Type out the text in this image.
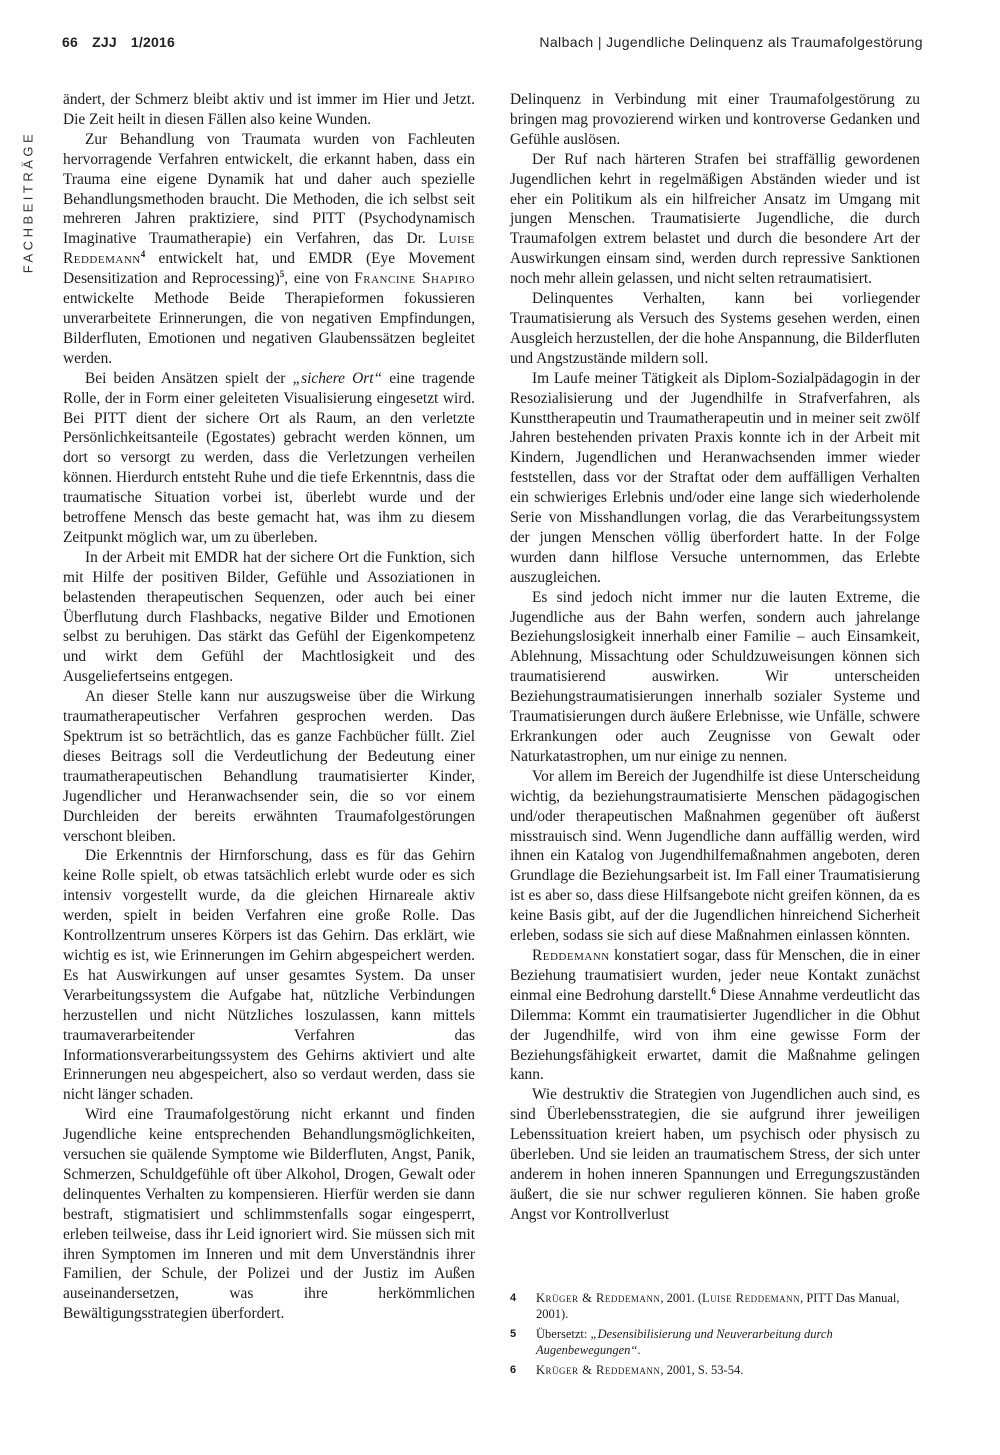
66 ZJJ 1/2016	Nalbach | Jugendliche Delinquenz als Traumafolgestörung
FACHBEITRÄGE

ändert, der Schmerz bleibt aktiv und ist immer im Hier und Jetzt. Die Zeit heilt in diesen Fällen also keine Wunden.

Zur Behandlung von Traumata wurden von Fachleuten hervorragende Verfahren entwickelt, die erkannt haben, dass ein Trauma eine eigene Dynamik hat und daher auch spezielle Behandlungsmethoden braucht. Die Methoden, die ich selbst seit mehreren Jahren praktiziere, sind PITT (Psychodynamisch Imaginative Traumatherapie) ein Verfahren, das Dr. Luise Reddemann$^4$ entwickelt hat, und EMDR (Eye Movement Desensitization and Reprocessing)$^5$, eine von Francine Shapiro entwickelte Methode Beide Therapieformen fokussieren unverarbeitete Erinnerungen, die von negativen Empfindungen, Bilderfluten, Emotionen und negativen Glaubenssätzen begleitet werden.

Bei beiden Ansätzen spielt der „sichere Ort“ eine tragende Rolle, der in Form einer geleiteten Visualisierung eingesetzt wird. Bei PITT dient der sichere Ort als Raum, an den verletzte Persönlichkeitsanteile (Egostates) gebracht werden können, um dort so versorgt zu werden, dass die Verletzungen verheilen können. Hierdurch entsteht Ruhe und die tiefe Erkenntnis, dass die traumatische Situation vorbei ist, überlebt wurde und der betroffene Mensch das beste gemacht hat, was ihm zu diesem Zeitpunkt möglich war, um zu überleben.

In der Arbeit mit EMDR hat der sichere Ort die Funktion, sich mit Hilfe der positiven Bilder, Gefühle und Assoziationen in belastenden therapeutischen Sequenzen, oder auch bei einer Überflutung durch Flashbacks, negative Bilder und Emotionen selbst zu beruhigen. Das stärkt das Gefühl der Eigenkompetenz und wirkt dem Gefühl der Machtlosigkeit und des Ausgeliefertseins entgegen.

An dieser Stelle kann nur auszugsweise über die Wirkung traumatherapeutischer Verfahren gesprochen werden. Das Spektrum ist so beträchtlich, das es ganze Fachbücher füllt. Ziel dieses Beitrags soll die Verdeutlichung der Bedeutung einer traumatherapeutischen Behandlung traumatisierter Kinder, Jugendlicher und Heranwachsender sein, die so vor einem Durchleiden der bereits erwähnten Traumafolgestörungen verschont bleiben.

Die Erkenntnis der Hirnforschung, dass es für das Gehirn keine Rolle spielt, ob etwas tatsächlich erlebt wurde oder es sich intensiv vorgestellt wurde, da die gleichen Hirnareale aktiv werden, spielt in beiden Verfahren eine große Rolle. Das Kontrollzentrum unseres Körpers ist das Gehirn. Das erklärt, wie wichtig es ist, wie Erinnerungen im Gehirn abgespeichert werden. Es hat Auswirkungen auf unser gesamtes System. Da unser Verarbeitungssystem die Aufgabe hat, nützliche Verbindungen herzustellen und nicht Nützliches loszulassen, kann mittels traumaverarbeitender Verfahren das Informationsverarbeitungssystem des Gehirns aktiviert und alte Erinnerungen neu abgespeichert, also so verdaut werden, dass sie nicht länger schaden.

Wird eine Traumafolgestörung nicht erkannt und finden Jugendliche keine entsprechenden Behandlungsmöglichkeiten, versuchen sie quälende Symptome wie Bilderfluten, Angst, Panik, Schmerzen, Schuldgefühle oft über Alkohol, Drogen, Gewalt oder delinquentes Verhalten zu kompensieren. Hierfür werden sie dann bestraft, stigmatisiert und schlimmstenfalls sogar eingesperrt, erleben teilweise, dass ihr Leid ignoriert wird. Sie müssen sich mit ihren Symptomen im Inneren und mit dem Unverständnis ihrer Familien, der Schule, der Polizei und der Justiz im Außen auseinandersetzen, was ihre herkömmlichen Bewältigungsstrategien überfordert.

Delinquenz in Verbindung mit einer Traumafolgestörung zu bringen mag provozierend wirken und kontroverse Gedanken und Gefühle auslösen.

Der Ruf nach härteren Strafen bei straffällig gewordenen Jugendlichen kehrt in regelmäßigen Abständen wieder und ist eher ein Politikum als ein hilfreicher Ansatz im Umgang mit jungen Menschen. Traumatisierte Jugendliche, die durch Traumafolgen extrem belastet und durch die besondere Art der Auswirkungen einsam sind, werden durch repressive Sanktionen noch mehr allein gelassen, und nicht selten retraumatisiert.

Delinquentes Verhalten, kann bei vorliegender Traumatisierung als Versuch des Systems gesehen werden, einen Ausgleich herzustellen, der die hohe Anspannung, die Bilderfluten und Angstzustände mildern soll.

Im Laufe meiner Tätigkeit als Diplom-Sozialpädagogin in der Resozialisierung und der Jugendhilfe in Strafverfahren, als Kunsttherapeutin und Traumatherapeutin und in meiner seit zwölf Jahren bestehenden privaten Praxis konnte ich in der Arbeit mit Kindern, Jugendlichen und Heranwachsenden immer wieder feststellen, dass vor der Straftat oder dem auffälligen Verhalten ein schwieriges Erlebnis und/oder eine lange sich wiederholende Serie von Misshandlungen vorlag, die das Verarbeitungssystem der jungen Menschen völlig überfordert hatte. In der Folge wurden dann hilflose Versuche unternommen, das Erlebte auszugleichen.

Es sind jedoch nicht immer nur die lauten Extreme, die Jugendliche aus der Bahn werfen, sondern auch jahrelange Beziehungslosigkeit innerhalb einer Familie – auch Einsamkeit, Ablehnung, Missachtung oder Schuldzuweisungen können sich traumatisierend auswirken. Wir unterscheiden Beziehungstraumatisierungen innerhalb sozialer Systeme und Traumatisierungen durch äußere Erlebnisse, wie Unfälle, schwere Erkrankungen oder auch Zeugnisse von Gewalt oder Naturkatastrophen, um nur einige zu nennen.

Vor allem im Bereich der Jugendhilfe ist diese Unterscheidung wichtig, da beziehungstraumatisierte Menschen pädagogischen und/oder therapeutischen Maßnahmen gegenüber oft äußerst misstrauisch sind. Wenn Jugendliche dann auffällig werden, wird ihnen ein Katalog von Jugendhilfemaßnahmen angeboten, deren Grundlage die Beziehungsarbeit ist. Im Fall einer Traumatisierung ist es aber so, dass diese Hilfsangebote nicht greifen können, da es keine Basis gibt, auf der die Jugendlichen hinreichend Sicherheit erleben, sodass sie sich auf diese Maßnahmen einlassen könnten.

Reddemann konstatiert sogar, dass für Menschen, die in einer Beziehung traumatisiert wurden, jeder neue Kontakt zunächst einmal eine Bedrohung darstellt.$^6$ Diese Annahme verdeutlicht das Dilemma: Kommt ein traumatisierter Jugendlicher in die Obhut der Jugendhilfe, wird von ihm eine gewisse Form der Beziehungsfähigkeit erwartet, damit die Maßnahme gelingen kann.

Wie destruktiv die Strategien von Jugendlichen auch sind, es sind Überlebensstrategien, die sie aufgrund ihrer jeweiligen Lebenssituation kreiert haben, um psychisch oder physisch zu überleben. Und sie leiden an traumatischem Stress, der sich unter anderem in hohen inneren Spannungen und Erregungszuständen äußert, die sie nur schwer regulieren können. Sie haben große Angst vor Kontrollverlust

4 Krüger & Reddemann, 2001. (Luise Reddemann, PITT Das Manual, 2001).
5 Übersetzt: „Desensibilisierung und Neuverarbeitung durch Augenbewegungen“.
6 Krüger & Reddemann, 2001, S. 53-54.
